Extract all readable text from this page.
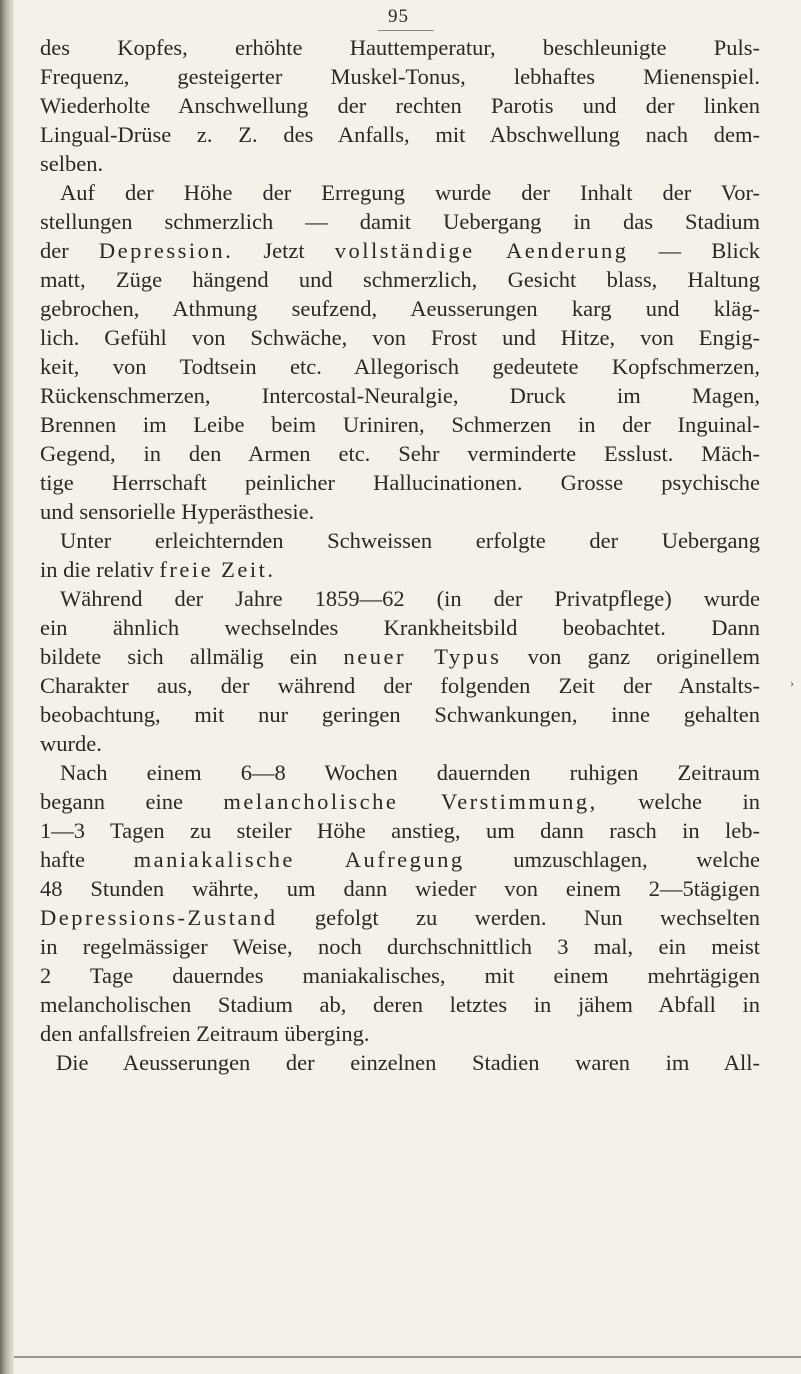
95
des Kopfes, erhöhte Hauttemperatur, beschleunigte Puls-
Frequenz, gesteigerter Muskel-Tonus, lebhaftes Mienenspiel.
Wiederholte Anschwellung der rechten Parotis und der linken
Lingual-Drüse z. Z. des Anfalls, mit Abschwellung nach dem-
selben.
Auf der Höhe der Erregung wurde der Inhalt der Vor-
stellungen schmerzlich — damit Uebergang in das Stadium
der Depression. Jetzt vollständige Aenderung — Blick
matt, Züge hängend und schmerzlich, Gesicht blass, Haltung
gebrochen, Athmung seufzend, Aeusserungen karg und kläg-
lich. Gefühl von Schwäche, von Frost und Hitze, von Engig-
keit, von Todtsein etc. Allegorisch gedeutete Kopfschmerzen,
Rückenschmerzen, Intercostal-Neuralgie, Druck im Magen,
Brennen im Leibe beim Uriniren, Schmerzen in der Inguinal-
Gegend, in den Armen etc. Sehr verminderte Esslust. Mäch-
tige Herrschaft peinlicher Hallucinationen. Grosse psychische
und sensorielle Hyperästhesie.
Unter erleichternden Schweissen erfolgte der Uebergang
in die relativ freie Zeit.
Während der Jahre 1859—62 (in der Privatpflege) wurde
ein ähnlich wechselndes Krankheitsbild beobachtet. Dann
bildete sich allmälig ein neuer Typus von ganz originellem
Charakter aus, der während der folgenden Zeit der Anstalts-
beobachtung, mit nur geringen Schwankungen, inne gehalten
wurde.
Nach einem 6—8 Wochen dauernden ruhigen Zeitraum
begann eine melancholische Verstimmung, welche in
1—3 Tagen zu steiler Höhe anstieg, um dann rasch in leb-
hafte maniakalische Aufregung umzuschlagen, welche
48 Stunden währte, um dann wieder von einem 2—5tägigen
Depressions-Zustand gefolgt zu werden. Nun wechselten
in regelmässiger Weise, noch durchschnittlich 3 mal, ein meist
2 Tage dauerndes maniakalisches, mit einem mehrtägigen
melancholischen Stadium ab, deren letztes in jähem Abfall in
den anfallsfreien Zeitraum überging.
Die Aeusserungen der einzelnen Stadien waren im All-
›
